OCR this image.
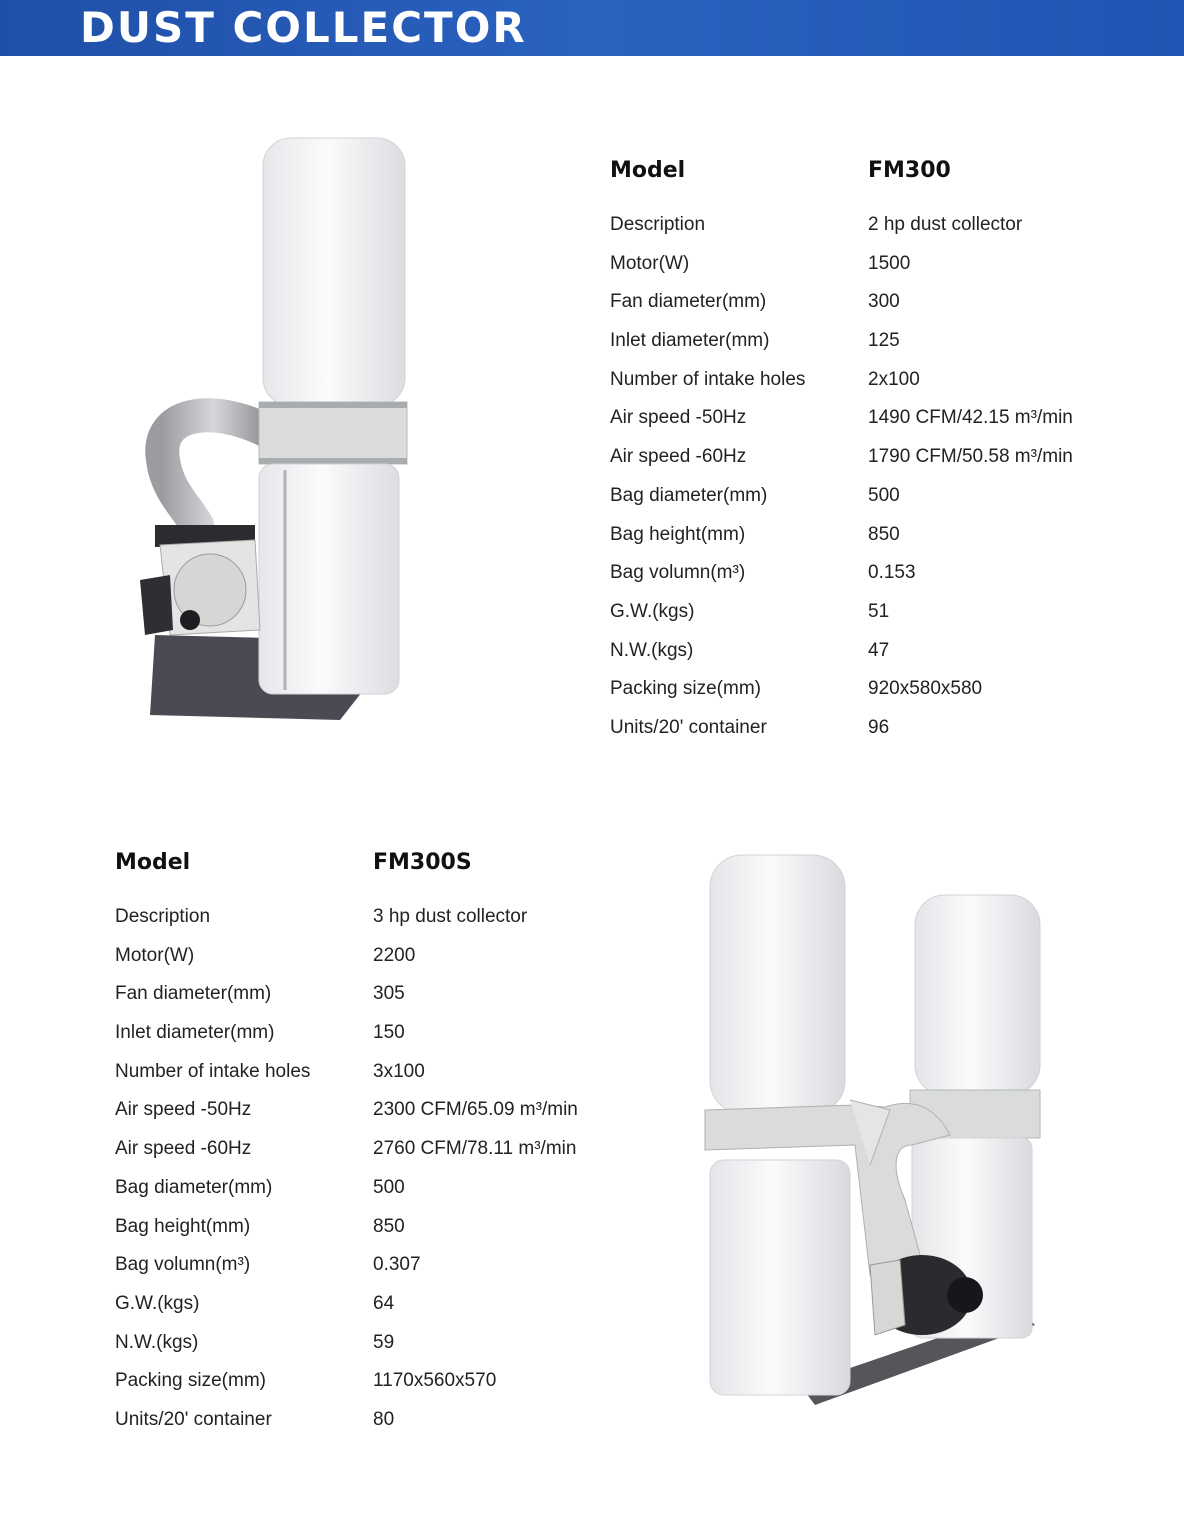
DUST COLLECTOR
Model	FM300
Description	2 hp dust collector
Motor(W)	1500
Fan diameter(mm)	300
Inlet diameter(mm)	125
Number of intake holes	2x100
Air speed -50Hz	1490 CFM/42.15 m³/min
Air speed -60Hz	1790 CFM/50.58 m³/min
Bag diameter(mm)	500
Bag height(mm)	850
Bag volumn(m³)	0.153
G.W.(kgs)	51
N.W.(kgs)	47
Packing size(mm)	920x580x580
Units/20' container	96
Model	FM300S
Description	3 hp dust collector
Motor(W)	2200
Fan diameter(mm)	305
Inlet diameter(mm)	150
Number of intake holes	3x100
Air speed -50Hz	2300 CFM/65.09 m³/min
Air speed -60Hz	2760 CFM/78.11 m³/min
Bag diameter(mm)	500
Bag height(mm)	850
Bag volumn(m³)	0.307
G.W.(kgs)	64
N.W.(kgs)	59
Packing size(mm)	1170x560x570
Units/20' container	80
